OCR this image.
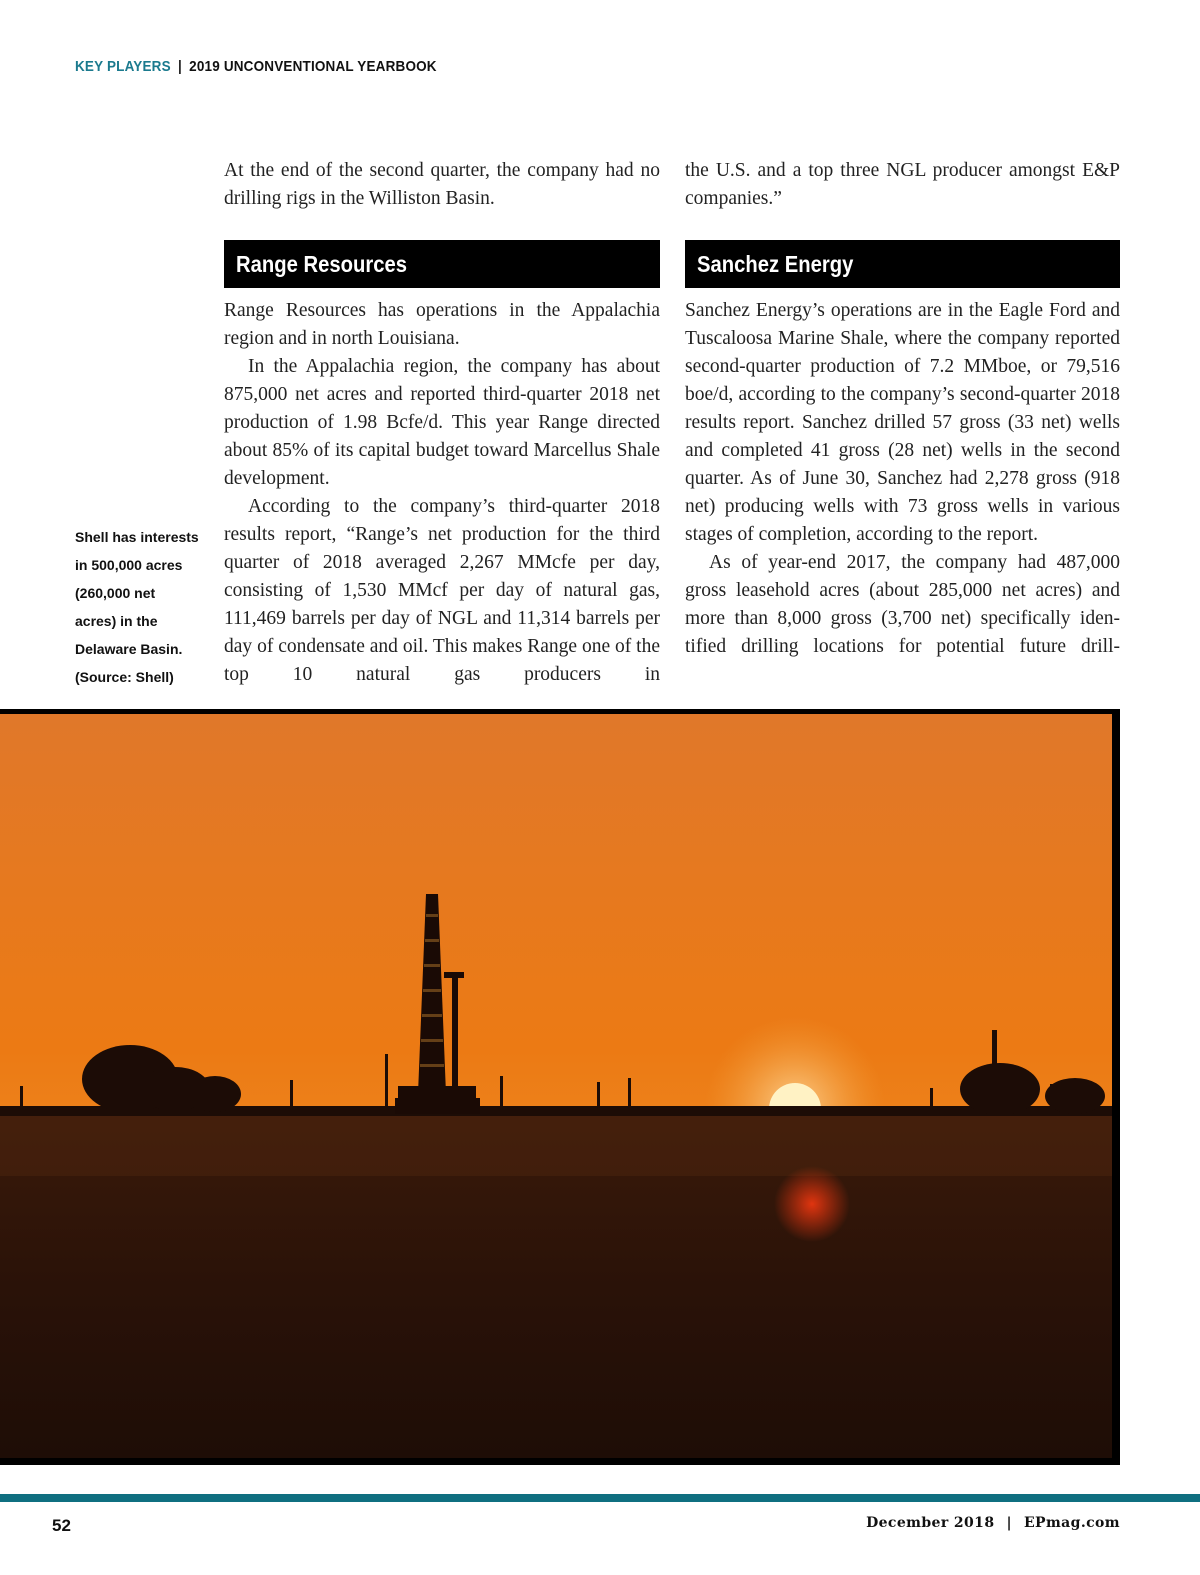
KEY PLAYERS | 2019 UNCONVENTIONAL YEARBOOK

At the end of the second quarter, the company had no drilling rigs in the Williston Basin.

Range Resources

Range Resources has operations in the Appalachia region and in north Louisiana.

In the Appalachia region, the company has about 875,000 net acres and reported third-quarter 2018 net production of 1.98 Bcfe/d. This year Range directed about 85% of its capital budget toward Marcellus Shale development.

According to the company’s third-quarter 2018 results report, “Range’s net production for the third quarter of 2018 averaged 2,267 MMcfe per day, consisting of 1,530 MMcf per day of natural gas, 111,469 barrels per day of NGL and 11,314 barrels per day of condensate and oil. This makes Range one of the top 10 natural gas producers in

the U.S. and a top three NGL producer amongst E&P companies.”

Sanchez Energy

Sanchez Energy’s operations are in the Eagle Ford and Tuscaloosa Marine Shale, where the company reported second-quarter production of 7.2 MMboe, or 79,516 boe/d, according to the company’s second-quarter 2018 results report. Sanchez drilled 57 gross (33 net) wells and completed 41 gross (28 net) wells in the second quarter. As of June 30, Sanchez had 2,278 gross (918 net) producing wells with 73 gross wells in various stages of completion, according to the report.

As of year-end 2017, the company had 487,000 gross leasehold acres (about 285,000 net acres) and more than 8,000 gross (3,700 net) specifically identified drilling locations for potential future drill-

Shell has interests
in 500,000 acres
(260,000 net
acres) in the
Delaware Basin.
(Source: Shell)
52	December 2018 | EPmag.com
